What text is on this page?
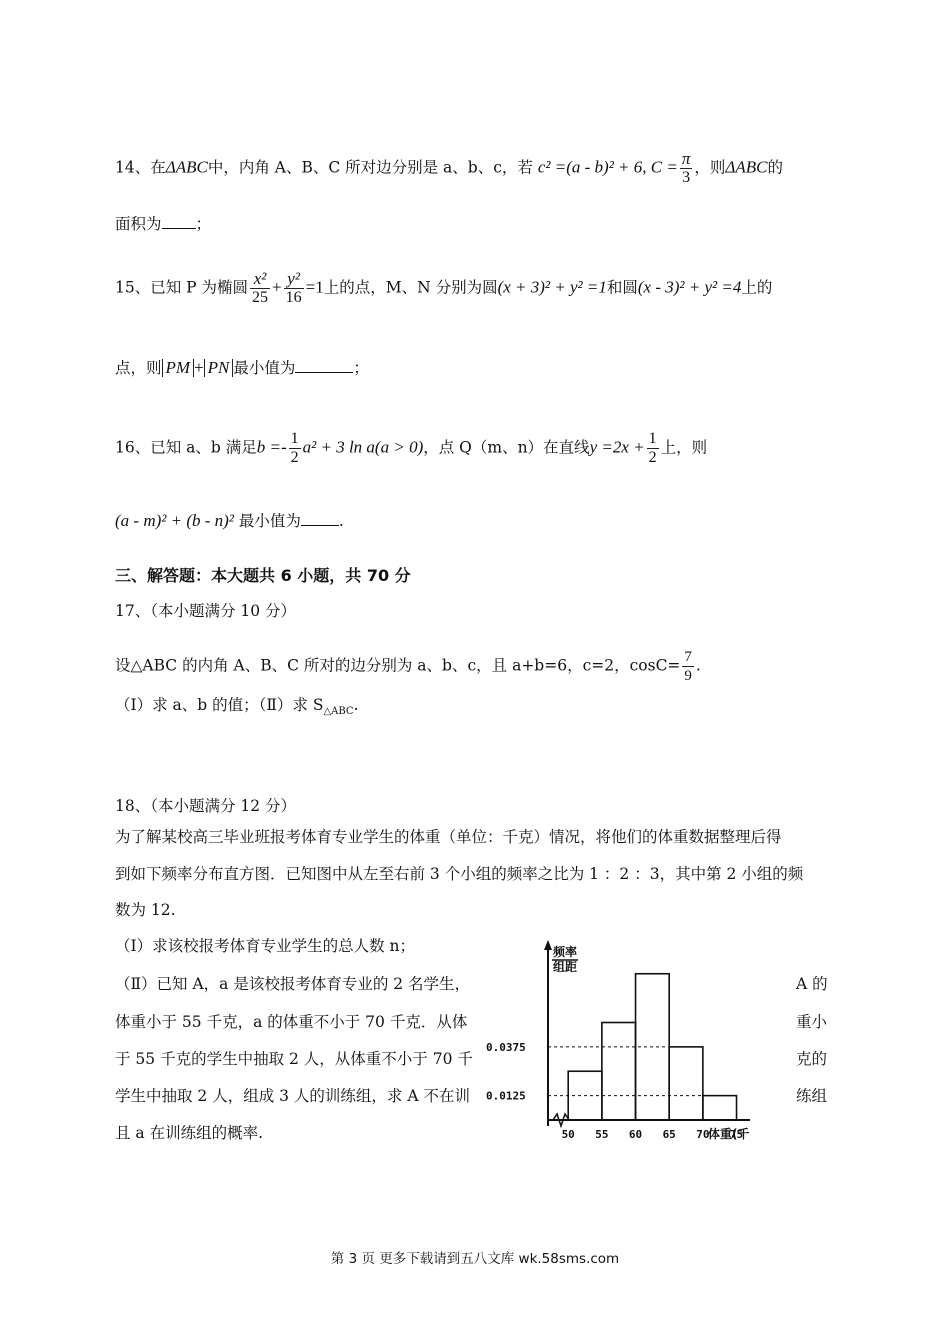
14、在ΔABC中，内角 A、B、C 所对边分别是 a、b、c，若 c² =(a - b)² + 6, $C = \frac{\pi}{3}$ ，则ΔABC的
面积为 ；
15、已知 P 为椭圆 $\frac{\text{x²}}{25} + \frac{\text{y²}}{16} =1$上的点，M、N 分别为圆(x + 3)² + y² =1和圆(x - 3)² + y² =4上的
点，则 PM + PN 最小值为	；
16、已知 a、b 满足$b =- \frac{1}{2} a^2 + 3$ ln a(a > 0)，点 Q（m、n）在直线$y =2x + \frac{1}{2}$ 上，则
(a - m)² + (b - n)² 最小值为 .
三、解答题：本大题共 6 小题，共 70 分
17、（本小题满分 10 分）
设△ABC 的内角 A、B、C 所对的边分别为 a、b、c，且 a+b=6，c=2，$\cos C= \frac{7}{9}$ .
（Ⅰ）求 a、b 的值；（Ⅱ）求 $S_{\triangle ABC}$.
18、（本小题满分 12 分）
为了解某校高三毕业班报考体育专业学生的体重（单位：千克）情况，将他们的体重数据整理后得
到如下频率分布直方图．已知图中从左至右前 3 个小组的频率之比为 1 ：2 ：3，其中第 2 小组的频
数为 12.
（Ⅰ）求该校报考体育专业学生的总人数 n；
（Ⅱ）已知 A，a 是该校报考体育专业的 2 名学生，
体重小于 55 千克，a 的体重不小于 70 千克．从体
于 55 千克的学生中抽取 2 人，从体重不小于 70 千
学生中抽取 2 人，组成 3 人的训练组，求 A 不在训
且 a 在训练组的概率.
A 的
重小
克的
练组
频率
组距
0.0375
0.0125
50 55 60 65 70 75
体重(千
第 3 页 更多下载请到五八文库 wk.58sms.com
